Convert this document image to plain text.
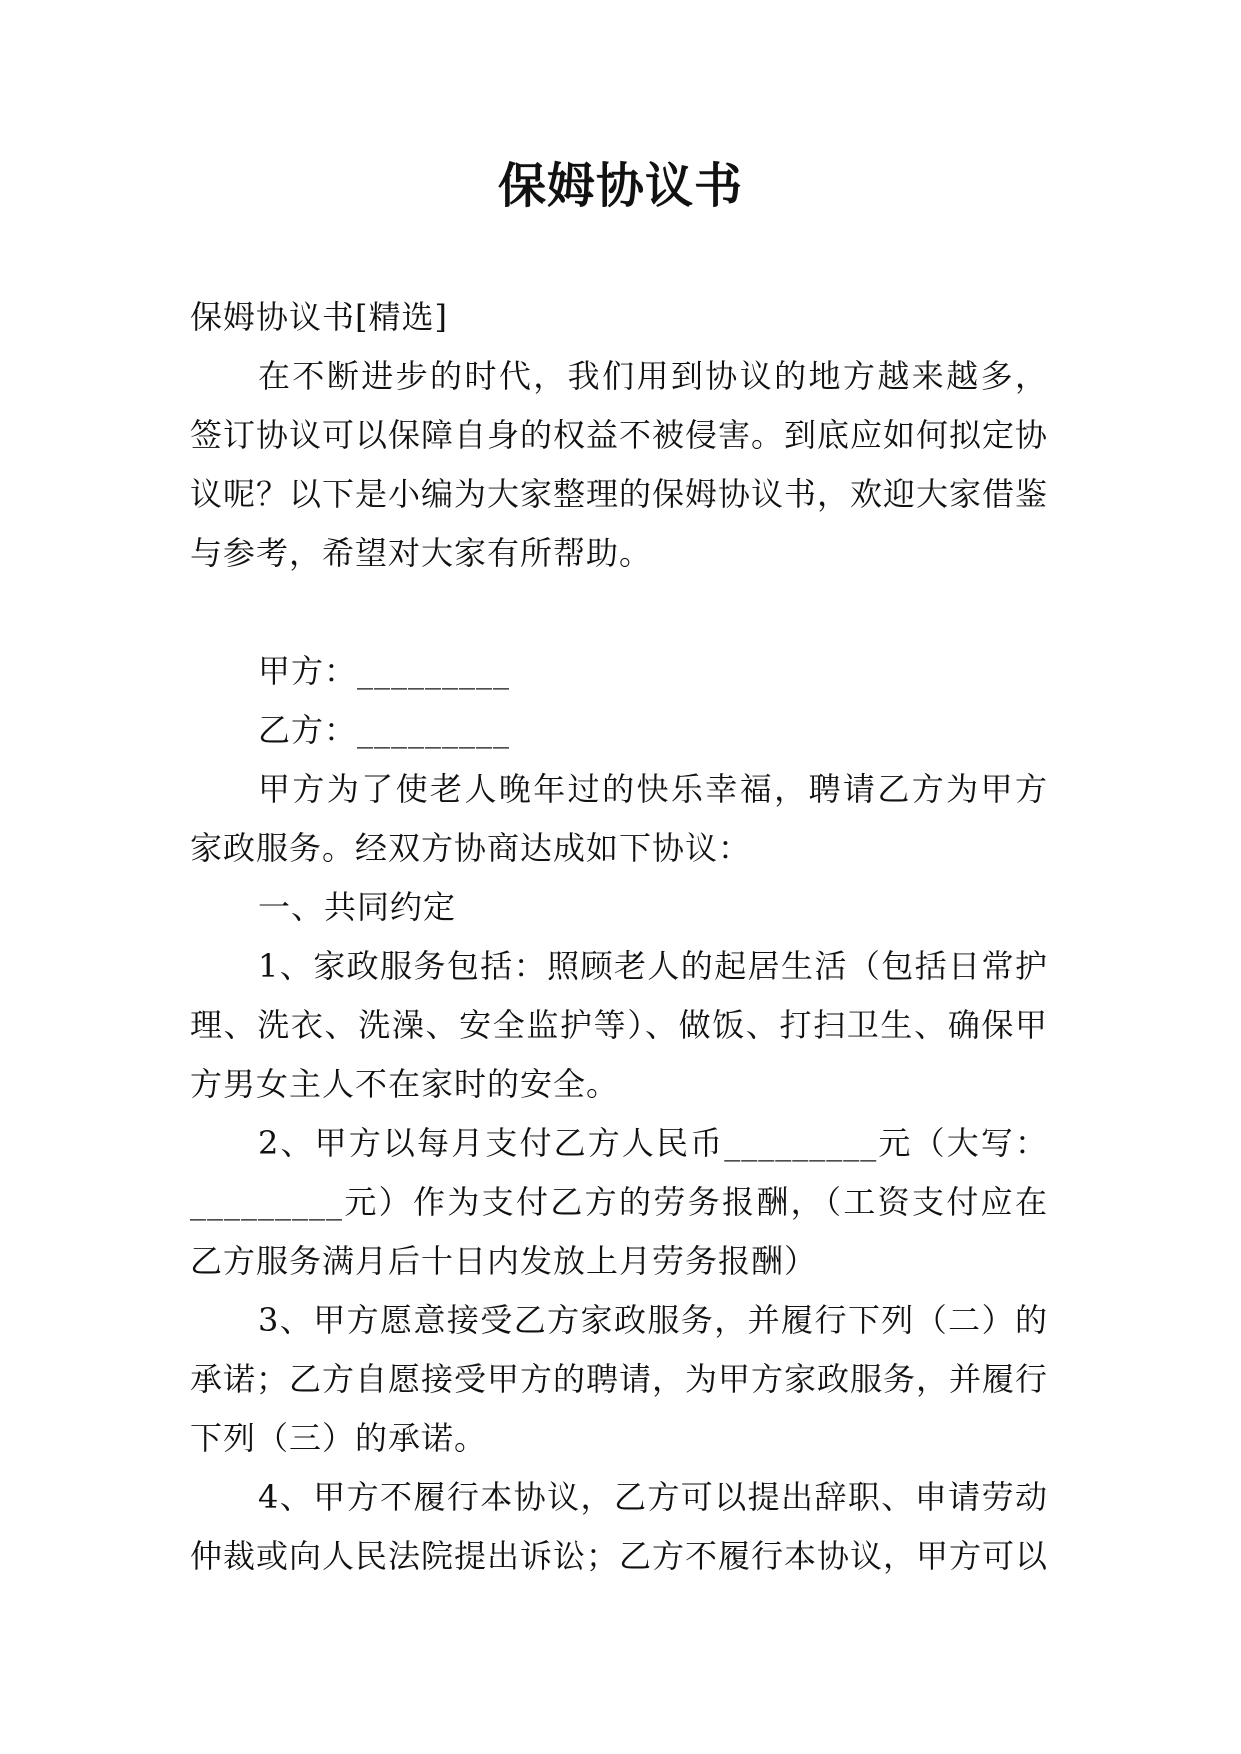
保姆协议书

保姆协议书[精选]

在不断进步的时代，我们用到协议的地方越来越多，签订协议可以保障自身的权益不被侵害。到底应如何拟定协议呢？以下是小编为大家整理的保姆协议书，欢迎大家借鉴与参考，希望对大家有所帮助。

甲方：_________

乙方：_________

甲方为了使老人晚年过的快乐幸福，聘请乙方为甲方家政服务。经双方协商达成如下协议：

一、共同约定

1、家政服务包括：照顾老人的起居生活（包括日常护理、洗衣、洗澡、安全监护等）、做饭、打扫卫生、确保甲方男女主人不在家时的安全。

2、甲方以每月支付乙方人民币_________元（大写：_________元）作为支付乙方的劳务报酬，（工资支付应在乙方服务满月后十日内发放上月劳务报酬）

3、甲方愿意接受乙方家政服务，并履行下列（二）的承诺；乙方自愿接受甲方的聘请，为甲方家政服务，并履行下列（三）的承诺。

4、甲方不履行本协议，乙方可以提出辞职、申请劳动仲裁或向人民法院提出诉讼；乙方不履行本协议，甲方可以
